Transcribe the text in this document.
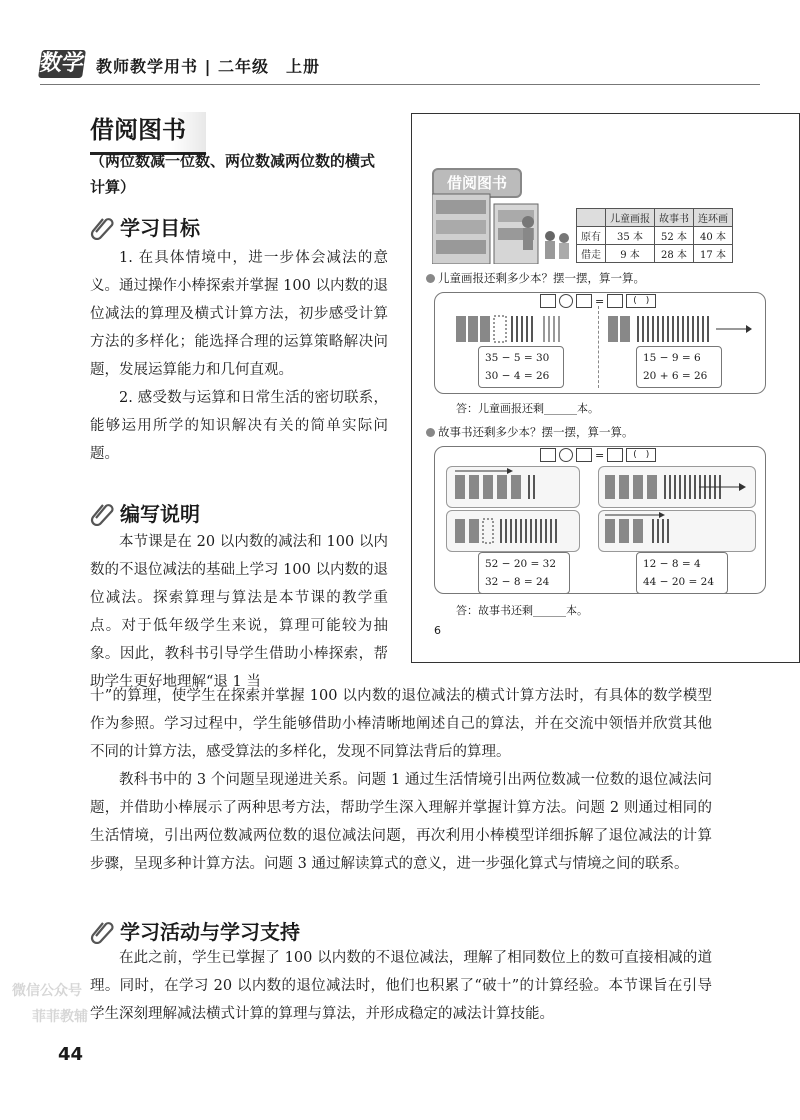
数学 教师教学用书 | 二年级　上册
借阅图书
（两位数减一位数、两位数减两位数的横式计算）
学习目标

1. 在具体情境中，进一步体会减法的意义。通过操作小棒探索并掌握 100 以内数的退位减法的算理及横式计算方法，初步感受计算方法的多样化；能选择合理的运算策略解决问题，发展运算能力和几何直观。

2. 感受数与运算和日常生活的密切联系，能够运用所学的知识解决有关的简单实际问题。

编写说明

本节课是在 20 以内数的减法和 100 以内数的不退位减法的基础上学习 100 以内数的退位减法。探索算理与算法是本节课的教学重点。对于低年级学生来说，算理可能较为抽象。因此，教科书引导学生借助小棒探索，帮助学生更好地理解“退 1 当

十”的算理，使学生在探索并掌握 100 以内数的退位减法的横式计算方法时，有具体的数学模型作为参照。学习过程中，学生能够借助小棒清晰地阐述自己的算法，并在交流中领悟并欣赏其他不同的计算方法，感受算法的多样化，发现不同算法背后的算理。

教科书中的 3 个问题呈现递进关系。问题 1 通过生活情境引出两位数减一位数的退位减法问题，并借助小棒展示了两种思考方法，帮助学生深入理解并掌握计算方法。问题 2 则通过相同的生活情境，引出两位数减两位数的退位减法问题，再次利用小棒模型详细拆解了退位减法的计算步骤，呈现多种计算方法。问题 3 通过解读算式的意义，进一步强化算式与情境之间的联系。

学习活动与学习支持

在此之前，学生已掌握了 100 以内数的不退位减法，理解了相同数位上的数可直接相减的道理。同时，在学习 20 以内数的退位减法时，他们也积累了“破十”的计算经验。本节课旨在引导学生深刻理解减法横式计算的算理与算法，并形成稳定的减法计算技能。

借阅图书
	儿童画报	故事书	连环画
原有	35 本	52 本	40 本
借走	9 本	28 本	17 本
儿童画报还剩多少本？摆一摆，算一算。
=	(　)
35 − 5 = 30
30 − 4 = 26
15 − 9 = 6
20 + 6 = 26
答：儿童画报还剩______本。
故事书还剩多少本？摆一摆，算一算。
=	(　)
52 − 20 = 32
32 − 8 = 24
12 − 8 = 4
44 − 20 = 24
答：故事书还剩______本。
6
微信公众号
菲菲教辅
44
